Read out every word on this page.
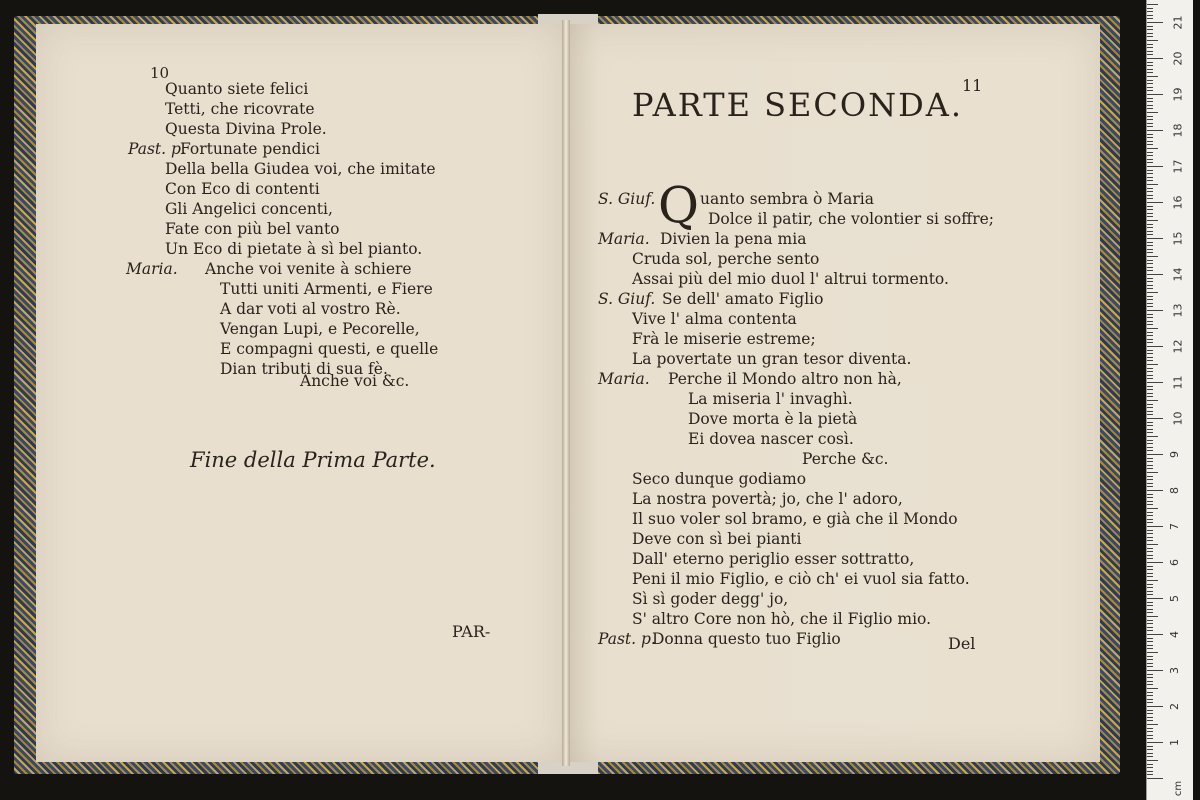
Quanto siete felici
Tetti, che ricovrate
Questa Divina Prole.
Past. p.
Fortunate pendici
Della bella Giudea voi, che imitate
Con Eco di contenti
Gli Angelici concenti,
Fate con più bel vanto
Un Eco di pietate à sì bel pianto.
Maria. Anche voi venite à schiere
Tutti uniti Armenti, e Fiere
A dar voti al vostro Rè.
Vengan Lupi, e Pecorelle,
E compagni questi, e quelle
Dian tributi di sua fè.
Anche voi &c.
S. Giuf.	uanto sembra ò Maria
Dolce il patir, che volontier si soffre;
Maria. Divien la pena mia
Cruda sol, perche sento
Assai più del mio duol l' altrui tormento.
S. Giuf. Se dell' amato Figlio
Vive l' alma contenta
Frà le miserie estreme;
La povertate un gran tesor diventa.
Maria. Perche il Mondo altro non hà,
La miseria l' invaghì.
Dove morta è la pietà
Ei dovea nascer così.
Perche &c.
Seco dunque godiamo
La nostra povertà; jo, che l' adoro,
Il suo voler sol bramo, e già che il Mondo
Deve con sì bei pianti
Dall' eterno periglio esser sottratto,
Peni il mio Figlio, e ciò ch' ei vuol sia fatto.
Sì sì goder degg' jo,
S' altro Core non hò, che il Figlio mio.
Past. p.
Donna questo tuo Figlio
10
11
PARTE SECONDA.
Q
Fine della Prima Parte.
PAR-
Del
cm
21
20
19
18
17
16
15
14
13
12
11
10
9
8
7
6
5
4
3
2
1
